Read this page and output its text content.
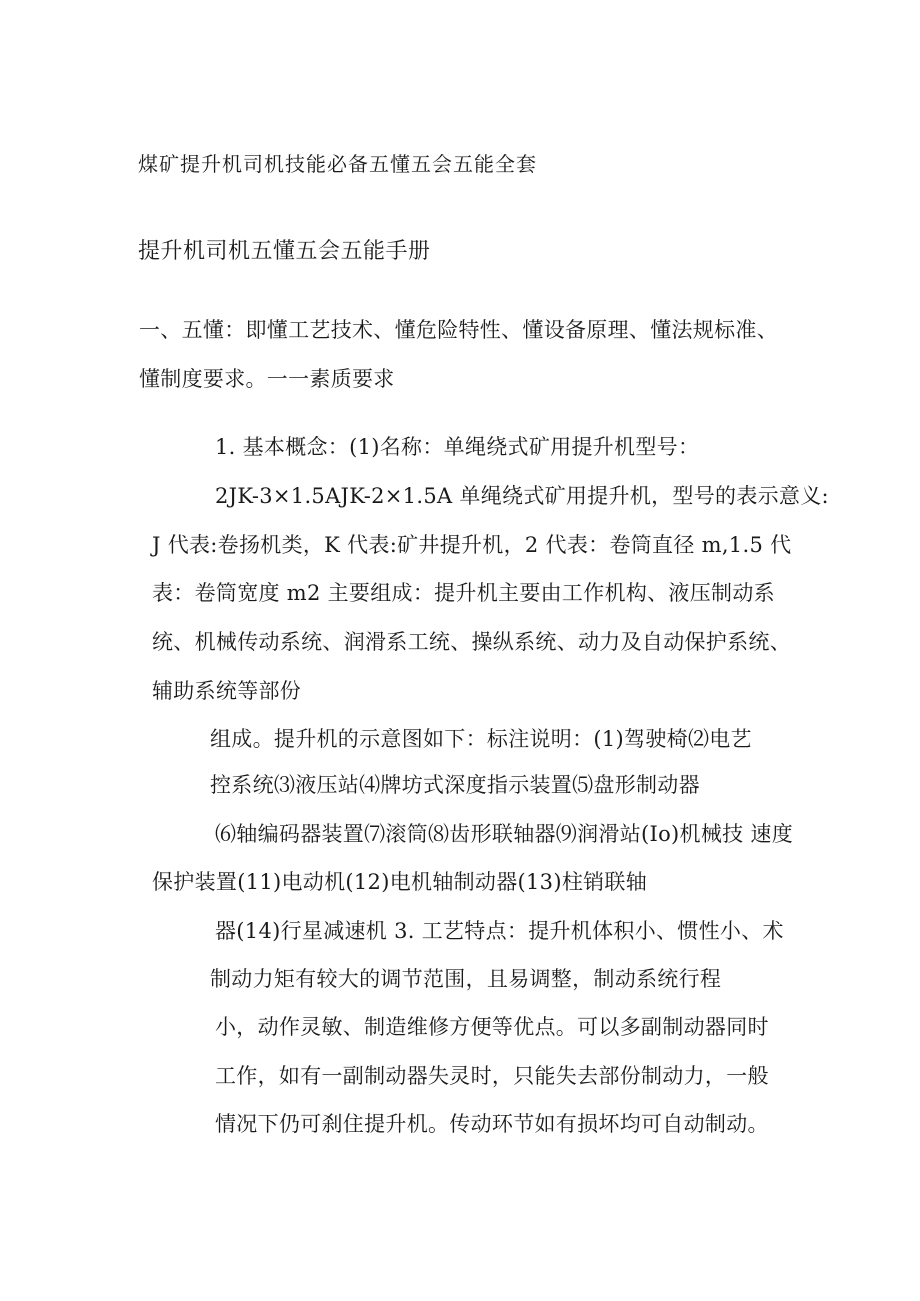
煤矿提升机司机技能必备五懂五会五能全套
提升机司机五懂五会五能手册
一、五懂：即懂工艺技术、懂危险特性、懂设备原理、懂法规标准、
懂制度要求。一一素质要求
1. 基本概念：(1)名称：单绳绕式矿用提升机型号：
2JK-3×1.5AJK-2×1.5A 单绳绕式矿用提升机，型号的表示意义:
J 代表:卷扬机类，K 代表:矿井提升机，2 代表：卷筒直径 m,1.5 代
表：卷筒宽度 m2 主要组成：提升机主要由工作机构、液压制动系
统、机械传动系统、润滑系工统、操纵系统、动力及自动保护系统、
辅助系统等部份
组成。提升机的示意图如下：标注说明：(1)驾驶椅⑵电艺
控系统⑶液压站⑷牌坊式深度指示装置⑸盘形制动器
⑹轴编码器装置⑺滚筒⑻齿形联轴器⑼润滑站(Io)机械技 速度
保护装置(11)电动机(12)电机轴制动器(13)柱销联轴
器(14)行星减速机 3. 工艺特点：提升机体积小、惯性小、术
制动力矩有较大的调节范围，且易调整，制动系统行程
小，动作灵敏、制造维修方便等优点。可以多副制动器同时
工作，如有一副制动器失灵时，只能失去部份制动力，一般
情况下仍可刹住提升机。传动环节如有损坏均可自动制动。
